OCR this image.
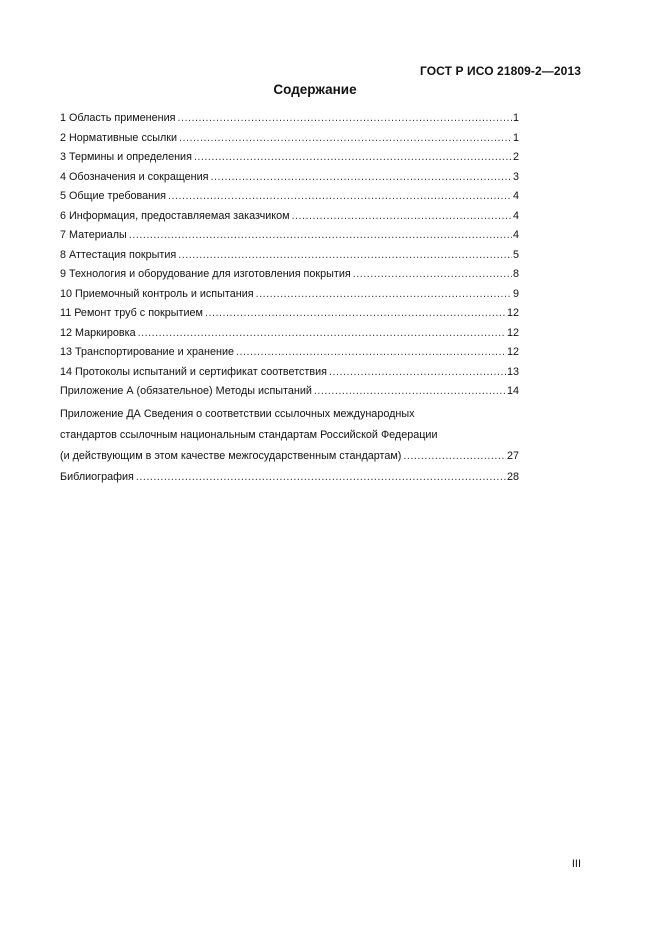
ГОСТ Р ИСО 21809-2—2013
Содержание
1 Область применения .....	1
2 Нормативные ссылки .....	1
3 Термины и определения .....	2
4 Обозначения и сокращения .....	3
5 Общие требования .....	4
6 Информация, предоставляемая заказчиком .....	4
7 Материалы .....	4
8 Аттестация покрытия .....	5
9 Технология и оборудование для изготовления покрытия .....	8
10 Приемочный контроль и испытания .....	9
11 Ремонт труб с покрытием .....	12
12 Маркировка .....	12
13 Транспортирование и хранение .....	12
14 Протоколы испытаний и сертификат соответствия .....	13
Приложение А (обязательное) Методы испытаний .....	14
Приложение ДА Сведения о соответствии ссылочных международных
стандартов ссылочным национальным стандартам Российской Федерации
(и действующим в этом качестве межгосударственным стандартам) .....	27
Библиография .....	28
III
